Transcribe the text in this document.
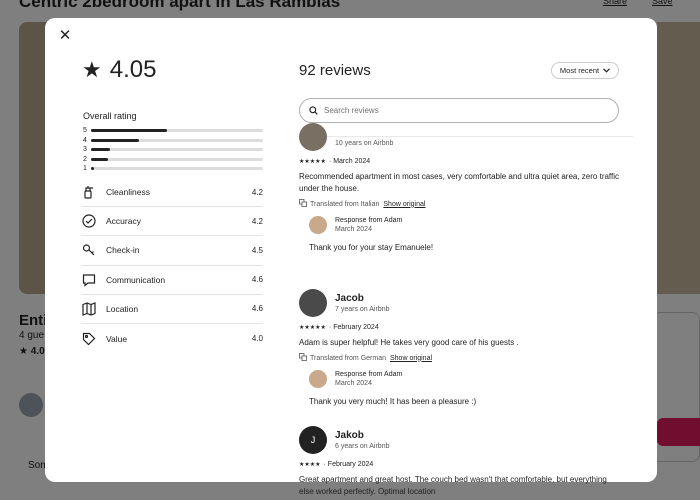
✕
★ 4.05
Overall rating
5
4
3
2
1
Cleanliness	4.2
Accuracy	4.2
Check-in	4.5
Communication	4.6
Location	4.6
Value	4.0
92 reviews	Most recent
Search reviews
10 years on Airbnb
★★★★★ · March 2024
Recommended apartment in most cases, very comfortable and ultra quiet area, zero traffic under the house.
Translated from Italian Show original
Response from Adam
March 2024
Thank you for your stay Emanuele!
Jacob
7 years on Airbnb
★★★★★ · February 2024
Adam is super helpful! He takes very good care of his guests .
Translated from German Show original
Response from Adam
March 2024
Thank you very much! It has been a pleasure :)
J	Jakob
6 years on Airbnb
★★★★ · February 2024
Great apartment and great host. The couch bed wasn't that comfortable, but everything else worked perfectly. Optimal location
